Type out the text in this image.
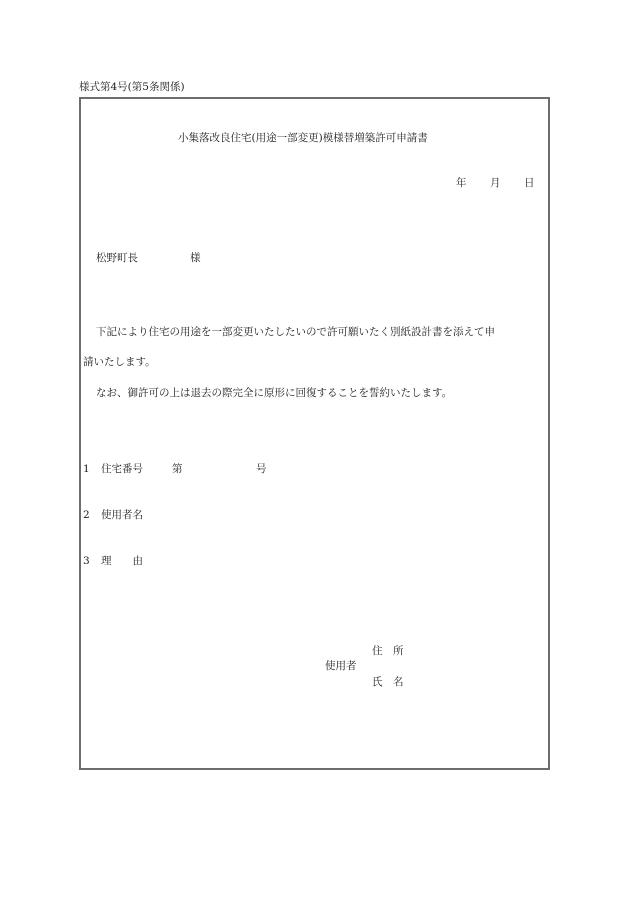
様式第4号(第5条関係)
小集落改良住宅(用途一部変更)模様替増築許可申請書
年 月 日
松野町長	様
下記により住宅の用途を一部変更いたしたいので許可願いたく別紙設計書を添えて申
請いたします。
なお、御許可の上は退去の際完全に原形に回復することを誓約いたします。
1 住宅番号	第	号
2 使用者名
3 理　　由
使用者
住　所
氏　名
